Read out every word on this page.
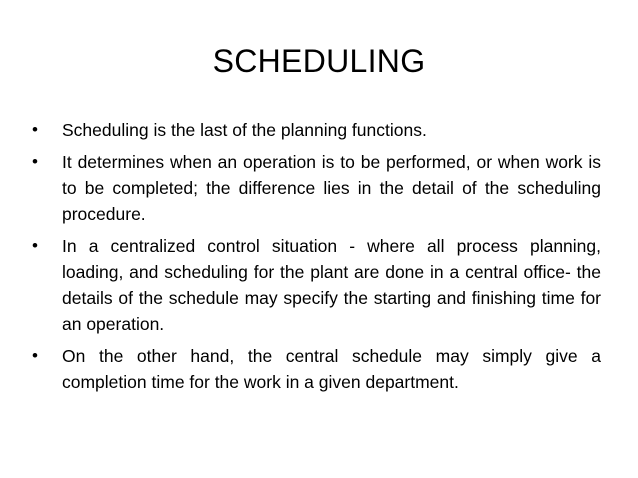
SCHEDULING
• Scheduling is the last of the planning functions.
• It determines when an operation is to be performed, or when work is to be completed; the difference lies in the detail of the scheduling procedure.
• In a centralized control situation - where all process planning, loading, and scheduling for the plant are done in a central office- the details of the schedule may specify the starting and finishing time for an operation.
• On the other hand, the central schedule may simply give a completion time for the work in a given department.
